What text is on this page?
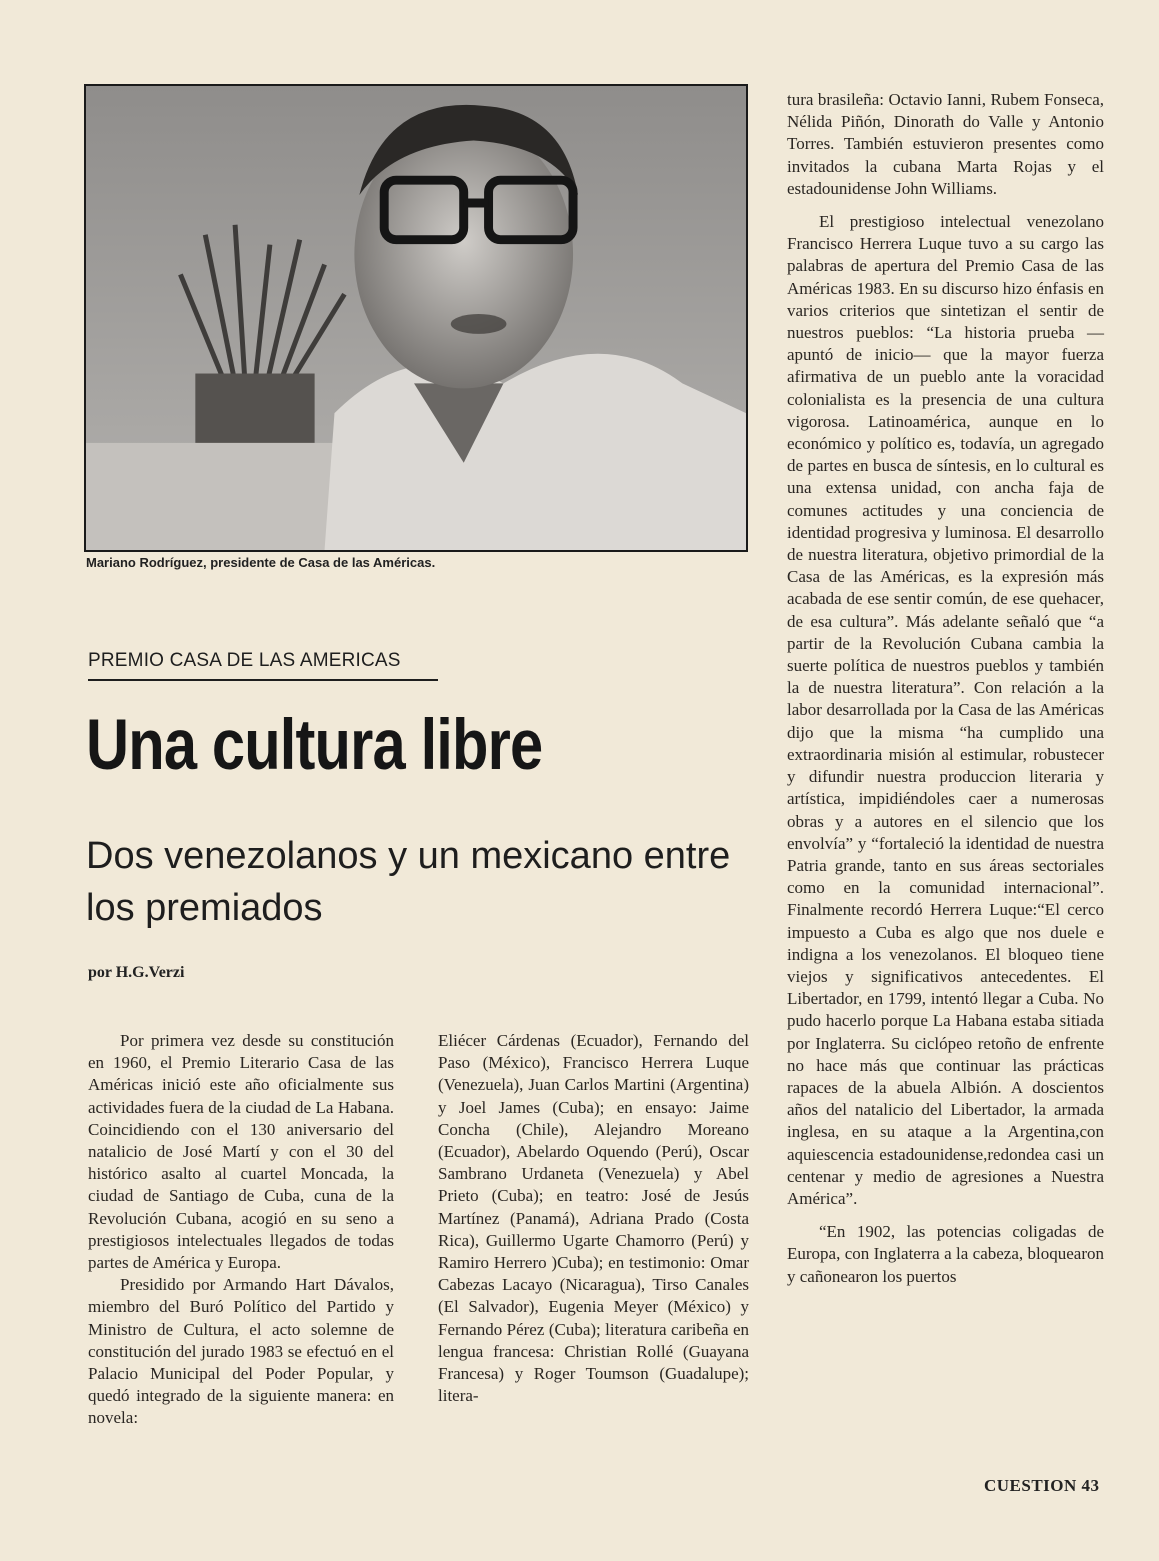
Mariano Rodríguez, presidente de Casa de las Américas.
PREMIO CASA DE LAS AMERICAS
Una cultura libre
Dos venezolanos y un mexicano entre los premiados
por H.G.Verzi

Por primera vez desde su constitución en 1960, el Premio Literario Casa de las Américas inició este año oficialmente sus actividades fuera de la ciudad de La Habana. Coincidiendo con el 130 aniversario del natalicio de José Martí y con el 30 del histórico asalto al cuartel Moncada, la ciudad de Santiago de Cuba, cuna de la Revolución Cubana, acogió en su seno a prestigiosos intelectuales llegados de todas partes de América y Europa.

Presidido por Armando Hart Dávalos, miembro del Buró Político del Partido y Ministro de Cultura, el acto solemne de constitución del jurado 1983 se efectuó en el Palacio Municipal del Poder Popular, y quedó integrado de la siguiente manera: en novela:

Eliécer Cárdenas (Ecuador), Fernando del Paso (México), Francisco Herrera Luque (Venezuela), Juan Carlos Martini (Argentina) y Joel James (Cuba); en ensayo: Jaime Concha (Chile), Alejandro Moreano (Ecuador), Abelardo Oquendo (Perú), Oscar Sambrano Urdaneta (Venezuela) y Abel Prieto (Cuba); en teatro: José de Jesús Martínez (Panamá), Adriana Prado (Costa Rica), Guillermo Ugarte Chamorro (Perú) y Ramiro Herrero )Cuba); en testimonio: Omar Cabezas Lacayo (Nicaragua), Tirso Canales (El Salvador), Eugenia Meyer (México) y Fernando Pérez (Cuba); literatura caribeña en lengua francesa: Christian Rollé (Guayana Francesa) y Roger Toumson (Guadalupe); litera-

tura brasileña: Octavio Ianni, Rubem Fonseca, Nélida Piñón, Dinorath do Valle y Antonio Torres. También estuvieron presentes como invitados la cubana Marta Rojas y el estadounidense John Williams.

El prestigioso intelectual venezolano Francisco Herrera Luque tuvo a su cargo las palabras de apertura del Premio Casa de las Américas 1983. En su discurso hizo énfasis en varios criterios que sintetizan el sentir de nuestros pueblos: “La historia prueba —apuntó de inicio— que la mayor fuerza afirmativa de un pueblo ante la voracidad colonialista es la presencia de una cultura vigorosa. Latinoamérica, aunque en lo económico y político es, todavía, un agregado de partes en busca de síntesis, en lo cultural es una extensa unidad, con ancha faja de comunes actitudes y una conciencia de identidad progresiva y luminosa. El desarrollo de nuestra literatura, objetivo primordial de la Casa de las Américas, es la expresión más acabada de ese sentir común, de ese quehacer, de esa cultura”. Más adelante señaló que “a partir de la Revolución Cubana cambia la suerte política de nuestros pueblos y también la de nuestra literatura”. Con relación a la labor desarrollada por la Casa de las Américas dijo que la misma “ha cumplido una extraordinaria misión al estimular, robustecer y difundir nuestra produccion literaria y artística, impidiéndoles caer a numerosas obras y a autores en el silencio que los envolvía” y “fortaleció la identidad de nuestra Patria grande, tanto en sus áreas sectoriales como en la comunidad internacional”. Finalmente recordó Herrera Luque:“El cerco impuesto a Cuba es algo que nos duele e indigna a los venezolanos. El bloqueo tiene viejos y significativos antecedentes. El Libertador, en 1799, intentó llegar a Cuba. No pudo hacerlo porque La Habana estaba sitiada por Inglaterra. Su ciclópeo retoño de enfrente no hace más que continuar las prácticas rapaces de la abuela Albión. A doscientos años del natalicio del Libertador, la armada inglesa, en su ataque a la Argentina,con aquiescencia estadounidense,redondea casi un centenar y medio de agresiones a Nuestra América”.

“En 1902, las potencias coligadas de Europa, con Inglaterra a la cabeza, bloquearon y cañonearon los puertos

CUESTION 43
